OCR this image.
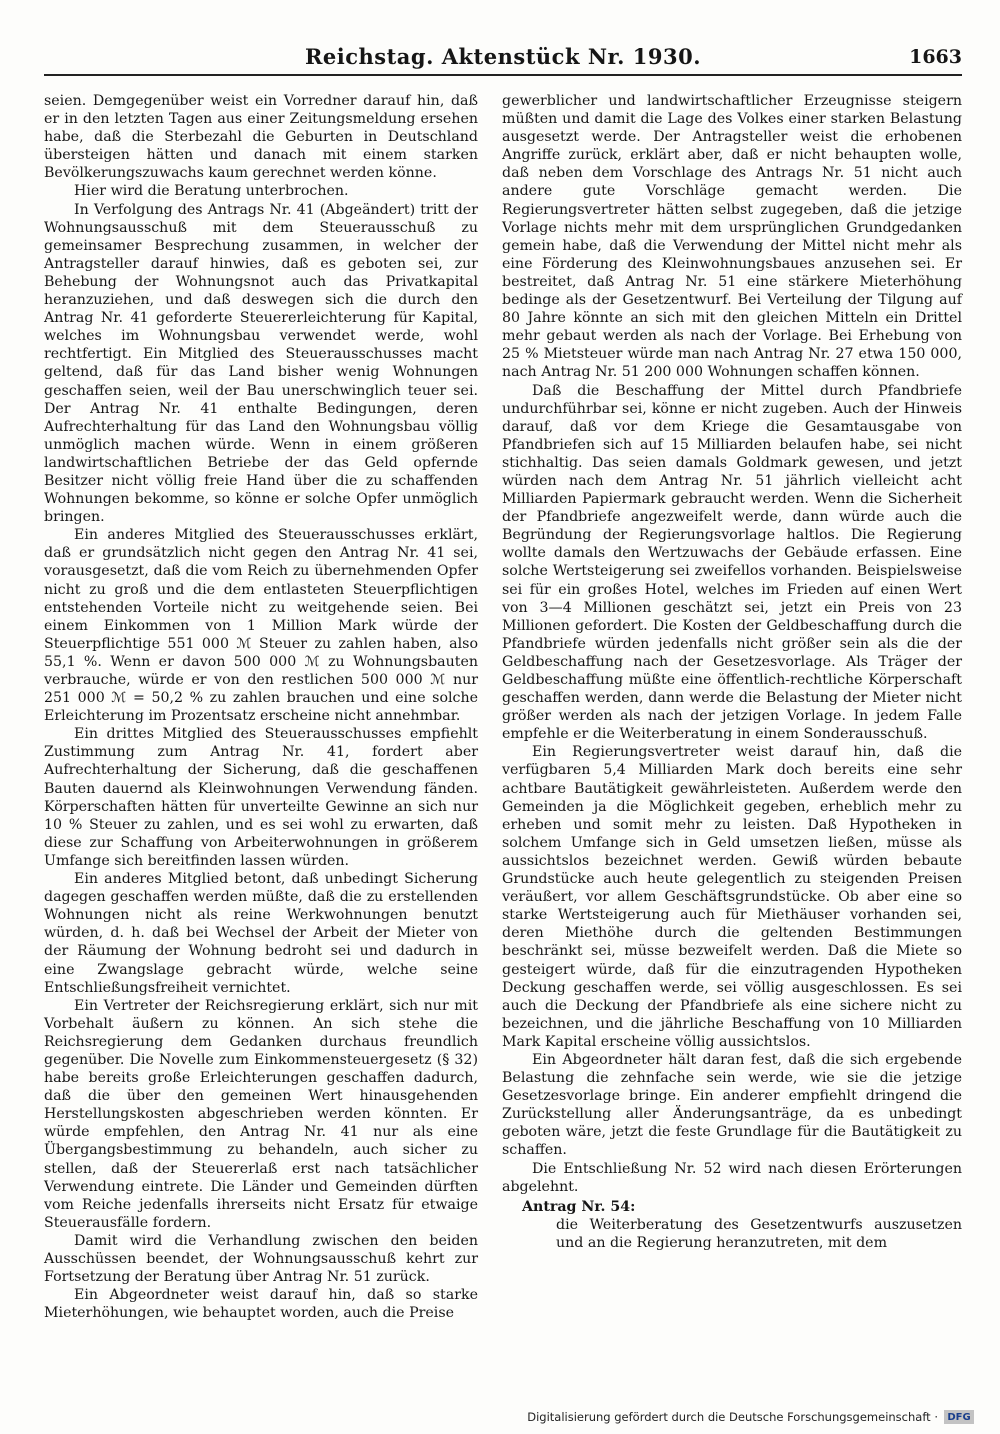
Reichstag. Aktenstück Nr. 1930.	1663

seien. Demgegenüber weist ein Vorredner darauf hin, daß er in den letzten Tagen aus einer Zeitungsmeldung ersehen habe, daß die Sterbezahl die Geburten in Deutschland übersteigen hätten und danach mit einem starken Bevölkerungszuwachs kaum gerechnet werden könne.

Hier wird die Beratung unterbrochen.

In Verfolgung des Antrags Nr. 41 (Abgeändert) tritt der Wohnungsausschuß mit dem Steuerausschuß zu gemeinsamer Besprechung zusammen, in welcher der Antragsteller darauf hinwies, daß es geboten sei, zur Behebung der Wohnungsnot auch das Privatkapital heranzuziehen, und daß deswegen sich die durch den Antrag Nr. 41 geforderte Steuererleichterung für Kapital, welches im Wohnungsbau verwendet werde, wohl rechtfertigt. Ein Mitglied des Steuerausschusses macht geltend, daß für das Land bisher wenig Wohnungen geschaffen seien, weil der Bau unerschwinglich teuer sei. Der Antrag Nr. 41 enthalte Bedingungen, deren Aufrechterhaltung für das Land den Wohnungsbau völlig unmöglich machen würde. Wenn in einem größeren landwirtschaftlichen Betriebe der das Geld opfernde Besitzer nicht völlig freie Hand über die zu schaffenden Wohnungen bekomme, so könne er solche Opfer unmöglich bringen.

Ein anderes Mitglied des Steuerausschusses erklärt, daß er grundsätzlich nicht gegen den Antrag Nr. 41 sei, vorausgesetzt, daß die vom Reich zu übernehmenden Opfer nicht zu groß und die dem entlasteten Steuerpflichtigen entstehenden Vorteile nicht zu weitgehende seien. Bei einem Einkommen von 1 Million Mark würde der Steuerpflichtige 551 000 ℳ Steuer zu zahlen haben, also 55,1 %. Wenn er davon 500 000 ℳ zu Wohnungsbauten verbrauche, würde er von den restlichen 500 000 ℳ nur 251 000 ℳ = 50,2 % zu zahlen brauchen und eine solche Erleichterung im Prozentsatz erscheine nicht annehmbar.

Ein drittes Mitglied des Steuerausschusses empfiehlt Zustimmung zum Antrag Nr. 41, fordert aber Aufrechterhaltung der Sicherung, daß die geschaffenen Bauten dauernd als Kleinwohnungen Verwendung fänden. Körperschaften hätten für unverteilte Gewinne an sich nur 10 % Steuer zu zahlen, und es sei wohl zu erwarten, daß diese zur Schaffung von Arbeiterwohnungen in größerem Umfange sich bereitfinden lassen würden.

Ein anderes Mitglied betont, daß unbedingt Sicherung dagegen geschaffen werden müßte, daß die zu erstellenden Wohnungen nicht als reine Werkwohnungen benutzt würden, d. h. daß bei Wechsel der Arbeit der Mieter von der Räumung der Wohnung bedroht sei und dadurch in eine Zwangslage gebracht würde, welche seine Entschließungsfreiheit vernichtet.

Ein Vertreter der Reichsregierung erklärt, sich nur mit Vorbehalt äußern zu können. An sich stehe die Reichsregierung dem Gedanken durchaus freundlich gegenüber. Die Novelle zum Einkommensteuergesetz (§ 32) habe bereits große Erleichterungen geschaffen dadurch, daß die über den gemeinen Wert hinausgehenden Herstellungskosten abgeschrieben werden könnten. Er würde empfehlen, den Antrag Nr. 41 nur als eine Übergangsbestimmung zu behandeln, auch sicher zu stellen, daß der Steuererlaß erst nach tatsächlicher Verwendung eintrete. Die Länder und Gemeinden dürften vom Reiche jedenfalls ihrerseits nicht Ersatz für etwaige Steuerausfälle fordern.

Damit wird die Verhandlung zwischen den beiden Ausschüssen beendet, der Wohnungsausschuß kehrt zur Fortsetzung der Beratung über Antrag Nr. 51 zurück.

Ein Abgeordneter weist darauf hin, daß so starke Mieterhöhungen, wie behauptet worden, auch die Preise

gewerblicher und landwirtschaftlicher Erzeugnisse steigern müßten und damit die Lage des Volkes einer starken Belastung ausgesetzt werde. Der Antragsteller weist die erhobenen Angriffe zurück, erklärt aber, daß er nicht behaupten wolle, daß neben dem Vorschlage des Antrags Nr. 51 nicht auch andere gute Vorschläge gemacht werden. Die Regierungsvertreter hätten selbst zugegeben, daß die jetzige Vorlage nichts mehr mit dem ursprünglichen Grundgedanken gemein habe, daß die Verwendung der Mittel nicht mehr als eine Förderung des Kleinwohnungsbaues anzusehen sei. Er bestreitet, daß Antrag Nr. 51 eine stärkere Mieterhöhung bedinge als der Gesetzentwurf. Bei Verteilung der Tilgung auf 80 Jahre könnte an sich mit den gleichen Mitteln ein Drittel mehr gebaut werden als nach der Vorlage. Bei Erhebung von 25 % Mietsteuer würde man nach Antrag Nr. 27 etwa 150 000, nach Antrag Nr. 51 200 000 Wohnungen schaffen können.

Daß die Beschaffung der Mittel durch Pfandbriefe undurchführbar sei, könne er nicht zugeben. Auch der Hinweis darauf, daß vor dem Kriege die Gesamtausgabe von Pfandbriefen sich auf 15 Milliarden belaufen habe, sei nicht stichhaltig. Das seien damals Goldmark gewesen, und jetzt würden nach dem Antrag Nr. 51 jährlich vielleicht acht Milliarden Papiermark gebraucht werden. Wenn die Sicherheit der Pfandbriefe angezweifelt werde, dann würde auch die Begründung der Regierungsvorlage haltlos. Die Regierung wollte damals den Wertzuwachs der Gebäude erfassen. Eine solche Wertsteigerung sei zweifellos vorhanden. Beispielsweise sei für ein großes Hotel, welches im Frieden auf einen Wert von 3—4 Millionen geschätzt sei, jetzt ein Preis von 23 Millionen gefordert. Die Kosten der Geldbeschaffung durch die Pfandbriefe würden jedenfalls nicht größer sein als die der Geldbeschaffung nach der Gesetzesvorlage. Als Träger der Geldbeschaffung müßte eine öffentlich-rechtliche Körperschaft geschaffen werden, dann werde die Belastung der Mieter nicht größer werden als nach der jetzigen Vorlage. In jedem Falle empfehle er die Weiterberatung in einem Sonderausschuß.

Ein Regierungsvertreter weist darauf hin, daß die verfügbaren 5,4 Milliarden Mark doch bereits eine sehr achtbare Bautätigkeit gewährleisteten. Außerdem werde den Gemeinden ja die Möglichkeit gegeben, erheblich mehr zu erheben und somit mehr zu leisten. Daß Hypotheken in solchem Umfange sich in Geld umsetzen ließen, müsse als aussichtslos bezeichnet werden. Gewiß würden bebaute Grundstücke auch heute gelegentlich zu steigenden Preisen veräußert, vor allem Geschäftsgrundstücke. Ob aber eine so starke Wertsteigerung auch für Miethäuser vorhanden sei, deren Miethöhe durch die geltenden Bestimmungen beschränkt sei, müsse bezweifelt werden. Daß die Miete so gesteigert würde, daß für die einzutragenden Hypotheken Deckung geschaffen werde, sei völlig ausgeschlossen. Es sei auch die Deckung der Pfandbriefe als eine sichere nicht zu bezeichnen, und die jährliche Beschaffung von 10 Milliarden Mark Kapital erscheine völlig aussichtslos.

Ein Abgeordneter hält daran fest, daß die sich ergebende Belastung die zehnfache sein werde, wie sie die jetzige Gesetzesvorlage bringe. Ein anderer empfiehlt dringend die Zurückstellung aller Änderungsanträge, da es unbedingt geboten wäre, jetzt die feste Grundlage für die Bautätigkeit zu schaffen.

Die Entschließung Nr. 52 wird nach diesen Erörterungen abgelehnt.

Antrag Nr. 54:

die Weiterberatung des Gesetzentwurfs auszusetzen und an die Regierung heranzutreten, mit dem

Digitalisierung gefördert durch die Deutsche Forschungsgemeinschaft · DFG
